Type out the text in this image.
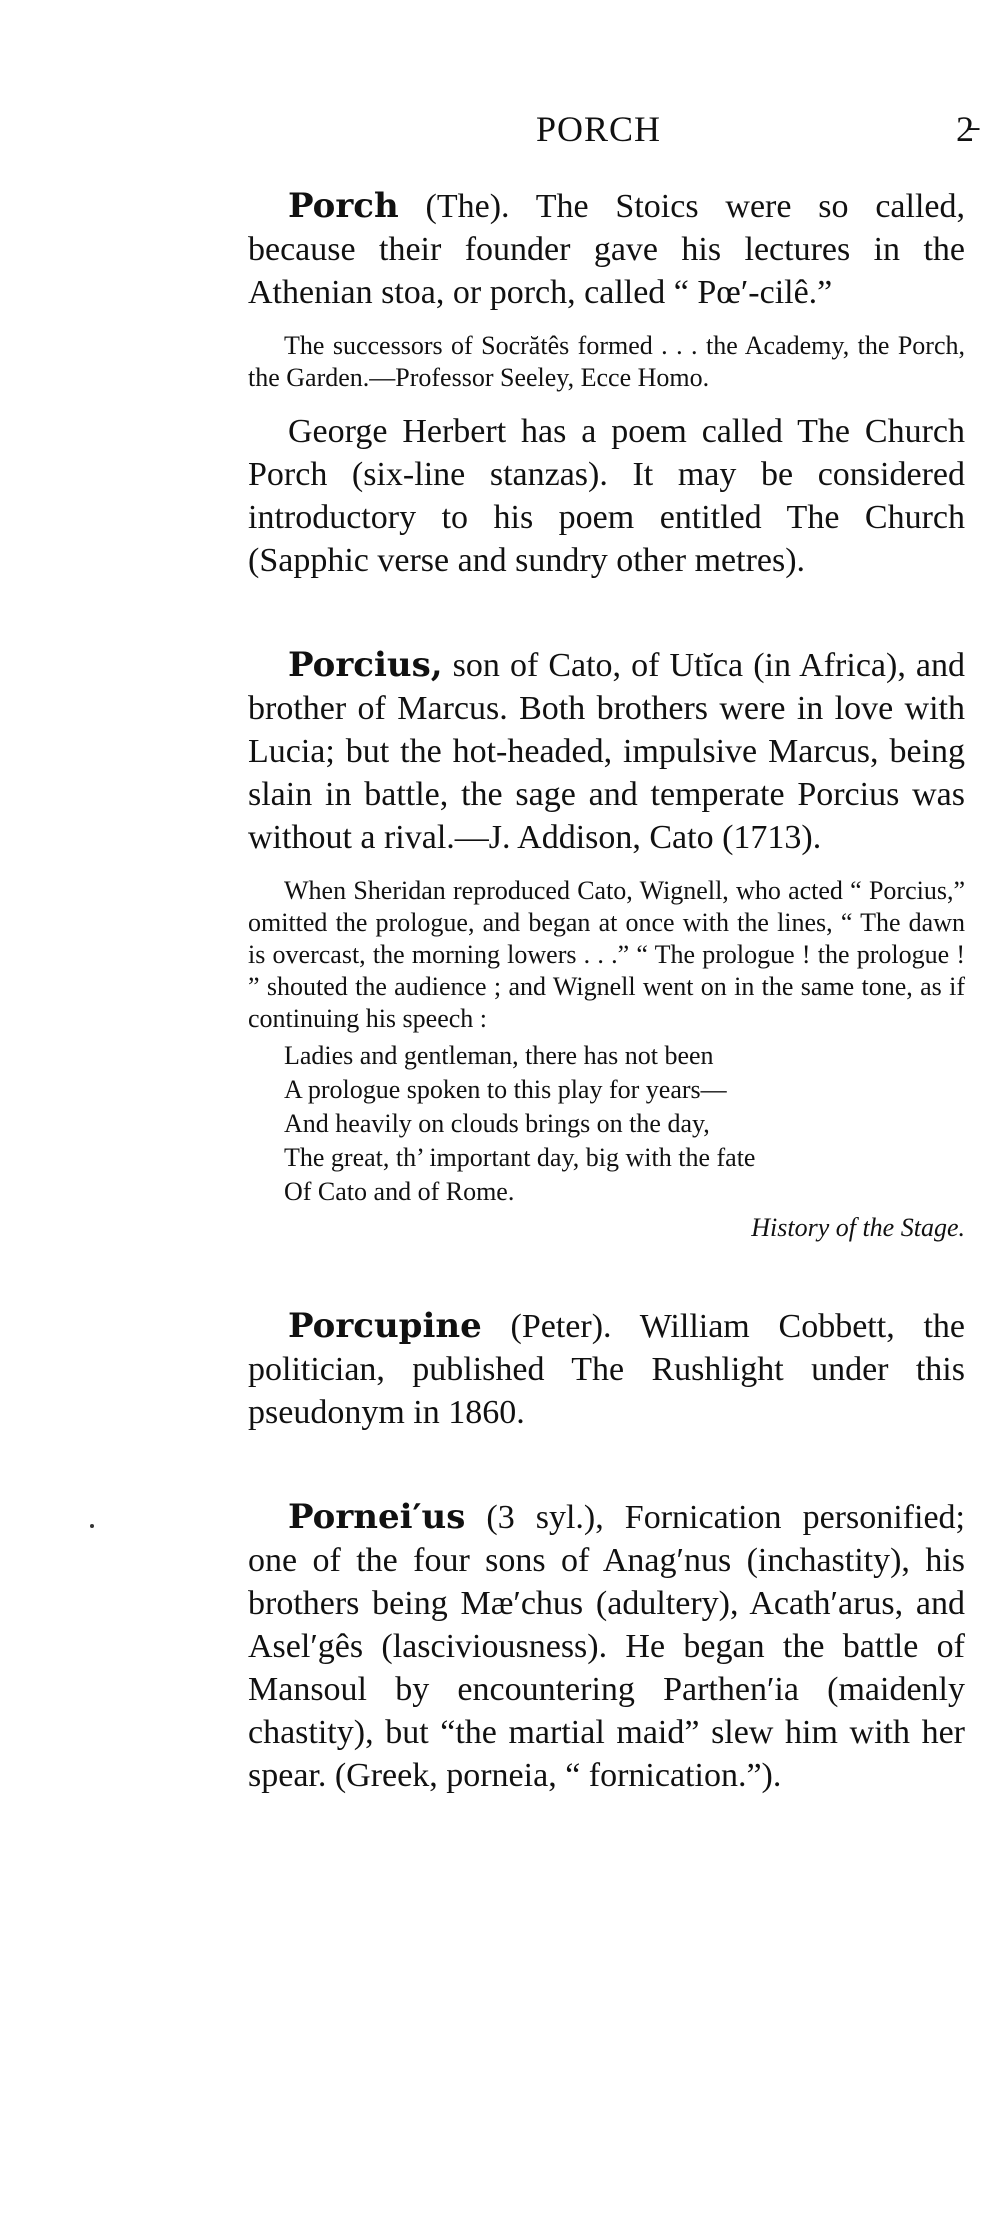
PORCH	2̵

Porch (The). The Stoics were so called, because their founder gave his lectures in the Athenian stoa, or porch, called “ Pœ′-cilê.”

The successors of Socrătês formed . . . the Academy, the Porch, the Garden.—Professor Seeley, Ecce Homo.

George Herbert has a poem called The Church Porch (six-line stanzas). It may be considered introductory to his poem entitled The Church (Sapphic verse and sundry other metres).

Porcius, son of Cato, of Utĭca (in Africa), and brother of Marcus. Both brothers were in love with Lucia; but the hot-headed, impulsive Marcus, being slain in battle, the sage and temperate Porcius was without a rival.—J. Addison, Cato (1713).

When Sheridan reproduced Cato, Wignell, who acted “ Porcius,” omitted the prologue, and began at once with the lines, “ The dawn is overcast, the morning lowers . . .” “ The prologue ! the prologue ! ” shouted the audience ; and Wignell went on in the same tone, as if continuing his speech :

Ladies and gentleman, there has not been
A prologue spoken to this play for years—
And heavily on clouds brings on the day,
The great, th’ important day, big with the fate
Of Cato and of Rome.
History of the Stage.

Porcupine (Peter). William Cobbett, the politician, published The Rushlight under this pseudonym in 1860.

Pornei′us (3 syl.), Fornication personified; one of the four sons of Anag′nus (inchastity), his brothers being Mæ′chus (adultery), Acath′arus, and Asel′gês (lasciviousness). He began the battle of Mansoul by encountering Parthen′ia (maidenly chastity), but “the martial maid” slew him with her spear. (Greek, porneia, “ fornication.”).
